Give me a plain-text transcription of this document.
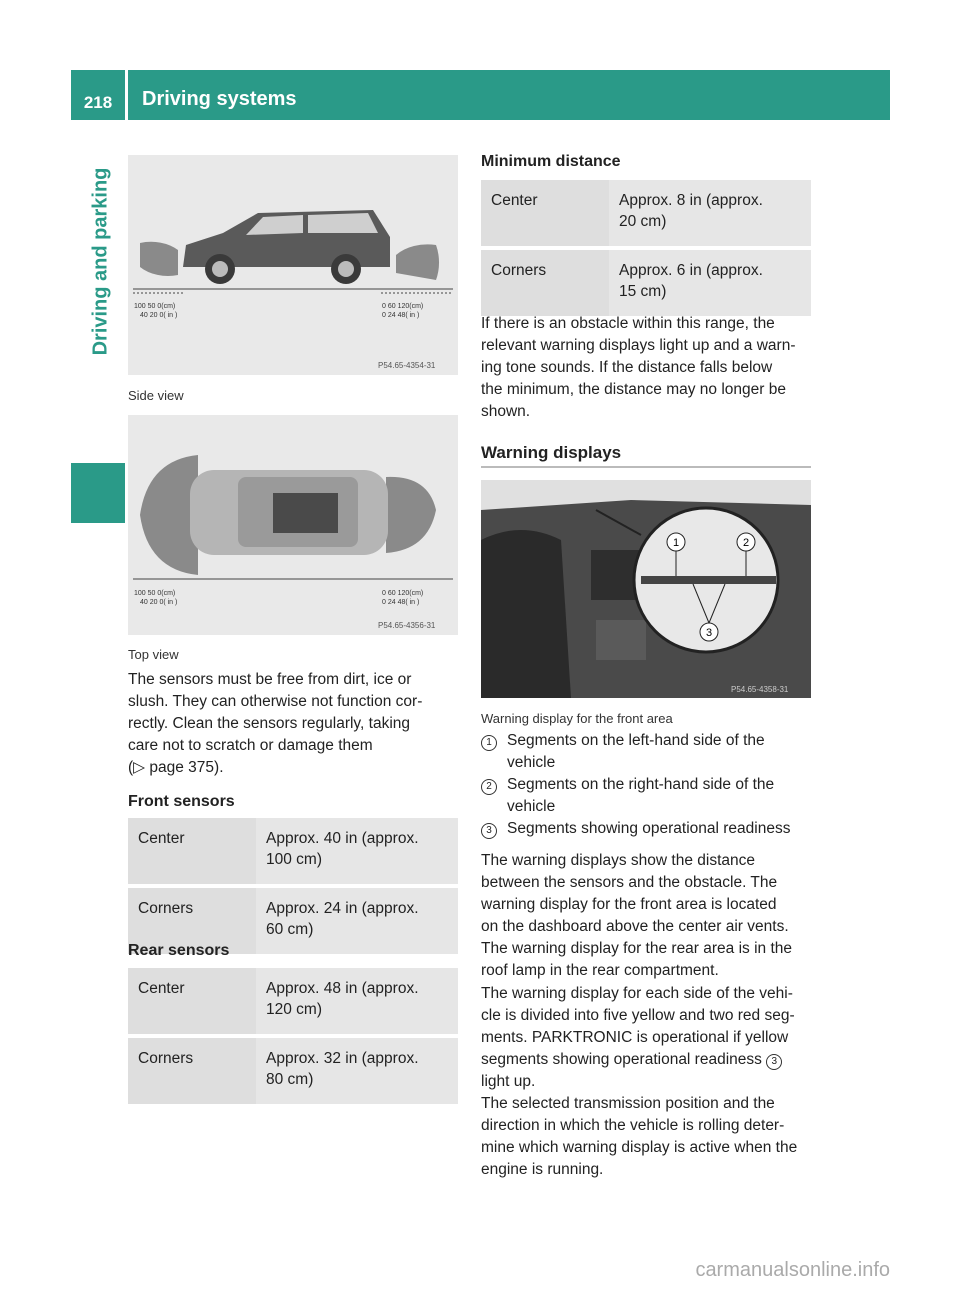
218	Driving systems
Driving and parking	100 50 0(cm)
40 20 0( in )
0 60 120(cm)
0 24 48( in )
P54.65-4354-31
Side view
100 50 0(cm)
40 20 0( in )
0 60 120(cm)
0 24 48( in )
P54.65-4356-31
Top view
The sensors must be free from dirt, ice or
slush. They can otherwise not function cor-
rectly. Clean the sensors regularly, taking
care not to scratch or damage them
(▷ page 375).
Front sensors
Center	Approx. 40 in (approx.
100 cm)

Corners	Approx. 24 in (approx.
60 cm)
Rear sensors
Center	Approx. 48 in (approx.
120 cm)

Corners	Approx. 32 in (approx.
80 cm)
Minimum distance
Center	Approx. 8 in (approx.
20 cm)

Corners	Approx. 6 in (approx.
15 cm)
If there is an obstacle within this range, the
relevant warning displays light up and a warn-
ing tone sounds. If the distance falls below
the minimum, the distance may no longer be
shown.
Warning displays
1	2
3
P54.65-4358-31
Warning display for the front area
1 Segments on the left-hand side of the
vehicle
2 Segments on the right-hand side of the
vehicle
3 Segments showing operational readiness
The warning displays show the distance
between the sensors and the obstacle. The
warning display for the front area is located
on the dashboard above the center air vents.
The warning display for the rear area is in the
roof lamp in the rear compartment.
The warning display for each side of the vehi-
cle is divided into five yellow and two red seg-
ments. PARKTRONIC is operational if yellow
segments showing operational readiness 3
light up.
The selected transmission position and the
direction in which the vehicle is rolling deter-
mine which warning display is active when the
engine is running.
carmanualsonline.info
